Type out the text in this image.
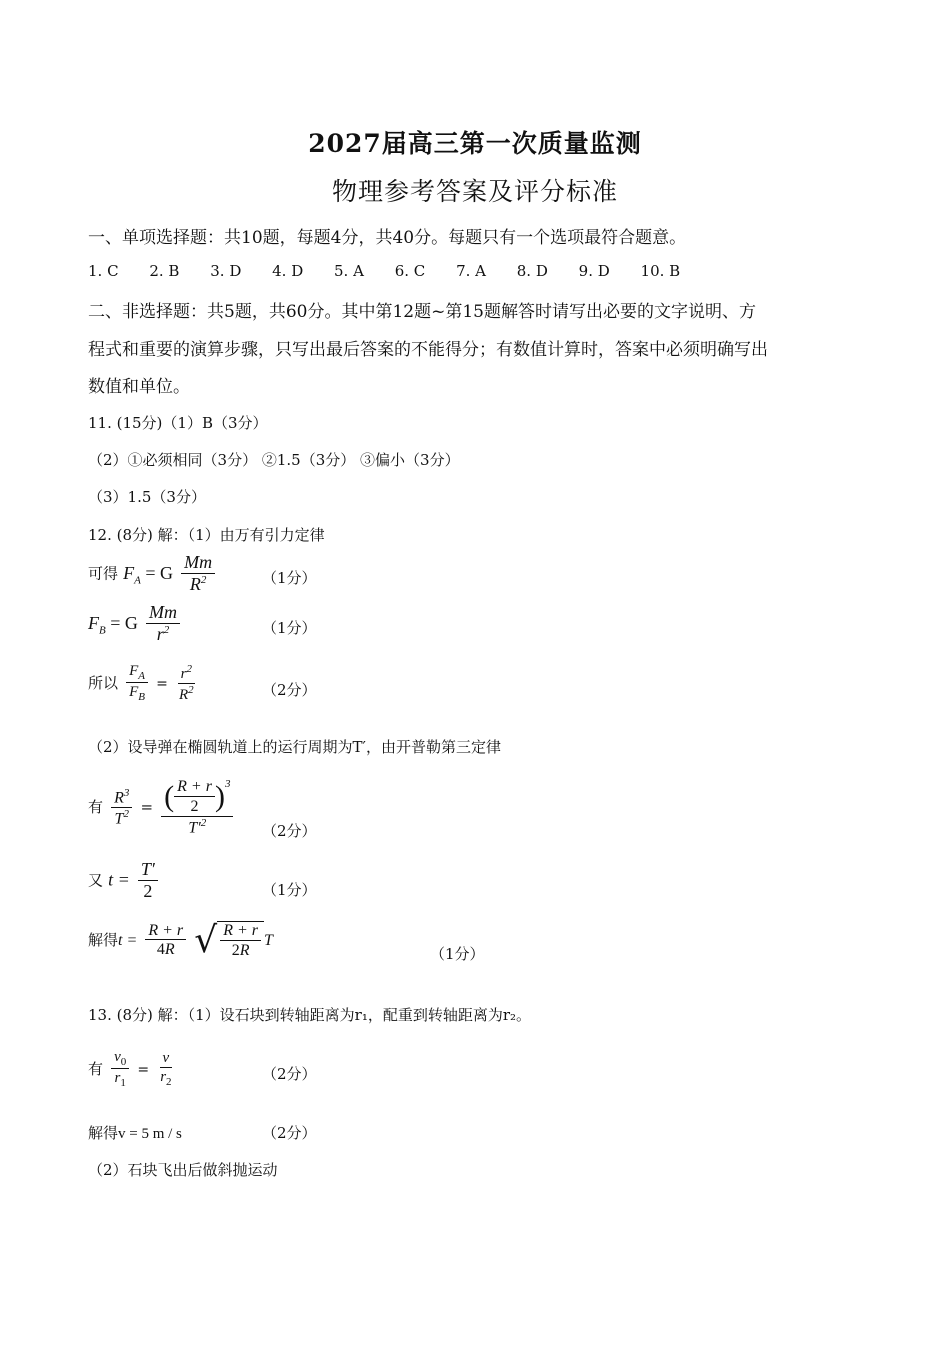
2027届高三第一次质量监测
物理参考答案及评分标准
一、单项选择题：共10题，每题4分，共40分。每题只有一个选项最符合题意。
1. C 2. B 3. D 4. D 5. A 6. C 7. A 8. D 9. D 10. B
二、非选择题：共5题，共60分。其中第12题~第15题解答时请写出必要的文字说明、方
程式和重要的演算步骤，只写出最后答案的不能得分；有数值计算时，答案中必须明确写出
数值和单位。
11. (15分)（1）B（3分）
（2）①必须相同（3分） ②1.5（3分） ③偏小（3分）
（3）1.5（3分）
12. (8分) 解：（1）由万有引力定律
可得 $F_A = G \frac{Mm}{R^2}$	（1分）
$F_B = G \frac{Mm}{r^2}$	（1分）
所以 $\frac{F_A}{F_B} = \frac{r^2}{R^2}$	（2分）
（2）设导弹在椭圆轨道上的运行周期为T′，由开普勒第三定律
有 $\frac{R^3}{T^2} = \frac{( \frac{R + r}{2} )^3}{T'^2} (2$分）
又 $t = \frac{T'}{2}$	（1分）
解得$t = \frac{R + r}{4R}$ √ $\frac{R + r}{2R}$ T
（1分）
13. (8分) 解：（1）设石块到转轴距离为r₁，配重到转轴距离为r₂。
有 $\frac{v_0}{r_1} = \frac{v}{r_2}$	（2分）
解得v = 5 m / s	（2分）
（2）石块飞出后做斜抛运动
